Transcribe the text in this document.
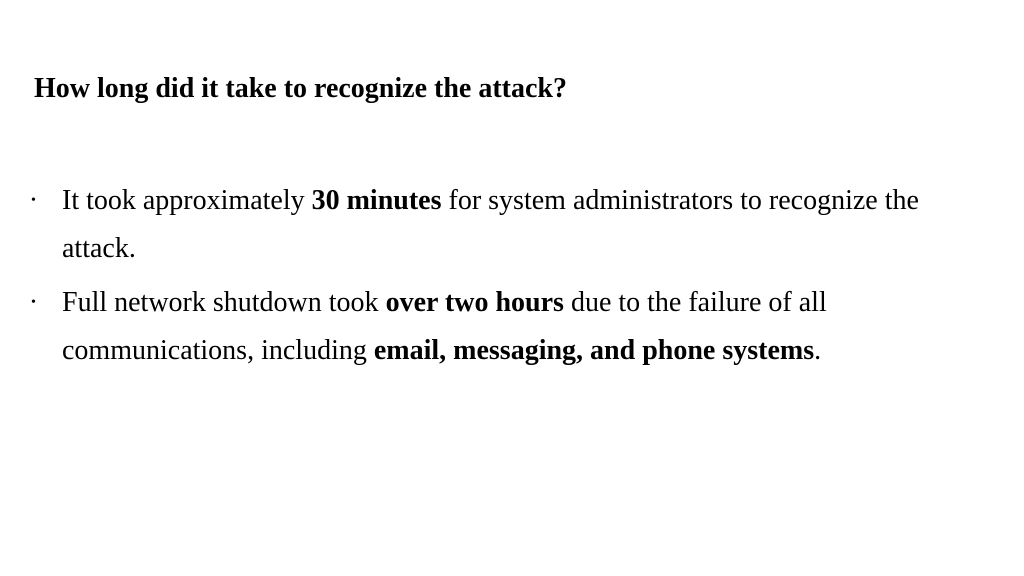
How long did it take to recognize the attack?
• It took approximately 30 minutes for system administrators to recognize the attack.
• Full network shutdown took over two hours due to the failure of all communications, including email, messaging, and phone systems.
